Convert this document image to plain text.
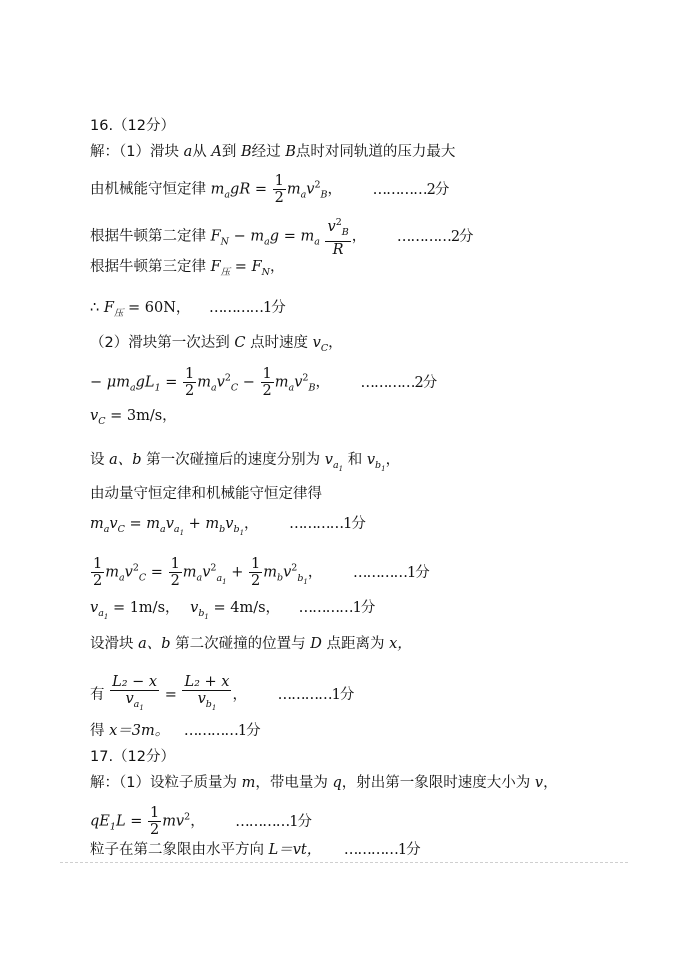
16.（12分）
解：（1）滑块 a从 A到 B经过 B点时对同轨道的压力最大
由机械能守恒定律 $m_agR = \frac{1}{2} m_av^2_B$， …………2分
根据牛顿第二定律 $F_N - m_ag = m_a \frac{v^2_B}{R}$ ， …………2分
根据牛顿第三定律 $F_压 = F_N$，
∴ $F_压 = 60N$， …………1分
（2）滑块第一次达到 C 点时速度 $v_C$，
− $\mu m_agL_1 = \frac{1}{2} m_av^2_C - \frac{1}{2} m_av^2_B$， …………2分
$v_C = 3m/s$，
设 a、b 第一次碰撞后的速度分别为 $v_{a_1}$ 和 $v_{b_1}$，
由动量守恒定律和机械能守恒定律得
$m_av_C = m_av_{a_1} + m_bv_{b_1}$， …………1分
$\frac{1}{2} m_av^2_C = \frac{1}{2} m_av^2_{a_1} + \frac{1}{2} m_bv^2_{b_1}$， …………1分
$v_{a_1} = 1m/s$， $v_{b_1} = 4m/s$， …………1分
设滑块 a、b 第二次碰撞的位置与 D 点距离为 x，
有 $\frac{\text{L₂ − x}}{v_{a_1}} = \frac{\text{L₂ + x}}{v_{b_1}}$ ， …………1分
得 x＝3m。 …………1分
17.（12分）
解：（1）设粒子质量为 m，带电量为 q，射出第一象限时速度大小为 v，
$qE_1L = \frac{1}{2} mv^2$， …………1分
粒子在第二象限由水平方向 L＝vt， …………1分
